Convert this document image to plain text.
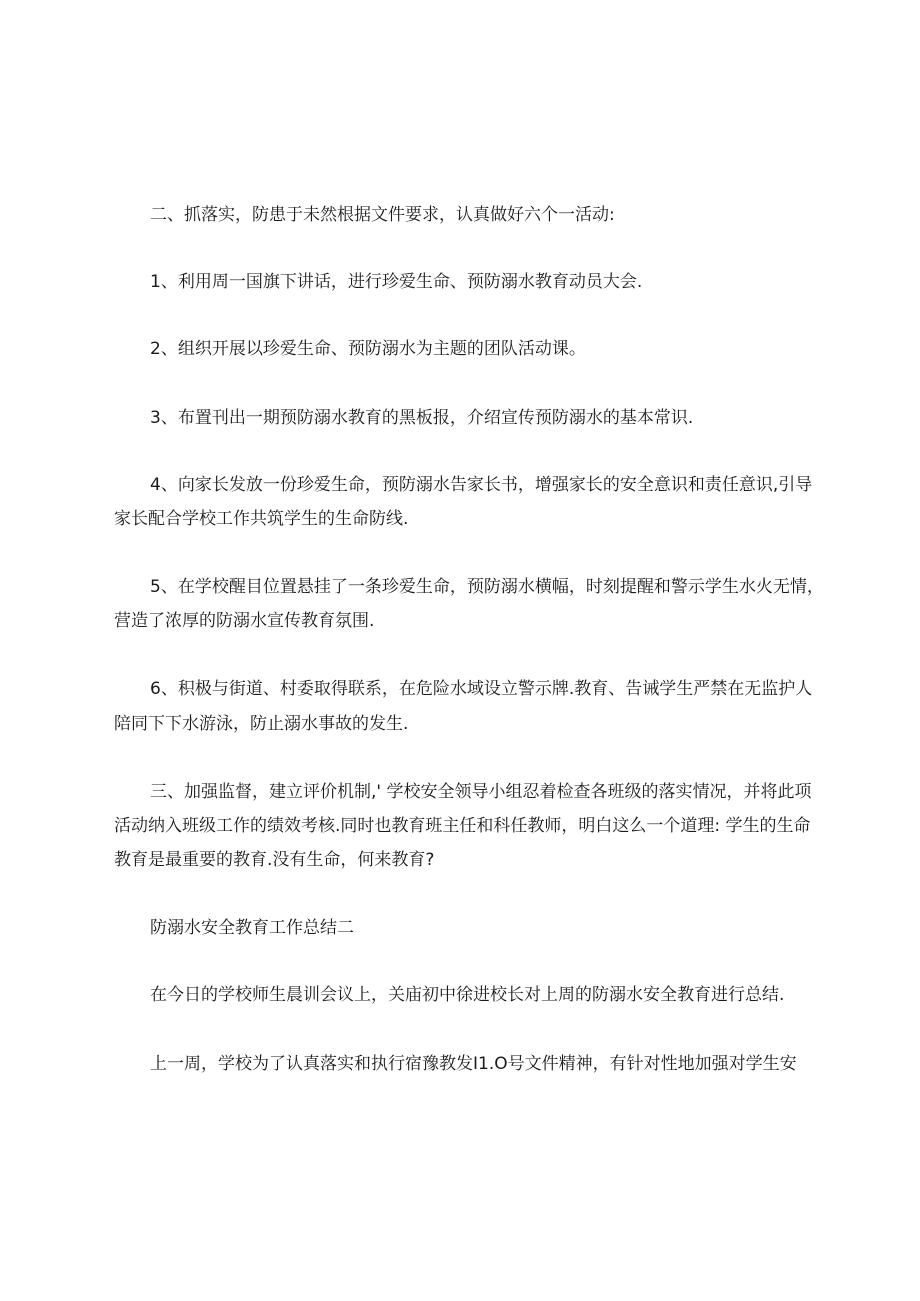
二、抓落实，防患于未然根据文件要求，认真做好六个一活动:
1、利用周一国旗下讲话，进行珍爱生命、预防溺水教育动员大会.
2、组织开展以珍爱生命、预防溺水为主题的团队活动课。
3、布置刊出一期预防溺水教育的黑板报，介绍宣传预防溺水的基本常识.
4、向家长发放一份珍爱生命，预防溺水告家长书，增强家长的安全意识和责任意识,引导
家长配合学校工作共筑学生的生命防线.
5、在学校醒目位置悬挂了一条珍爱生命，预防溺水横幅，时刻提醒和警示学生水火无情，
营造了浓厚的防溺水宣传教育氛围.
6、积极与街道、村委取得联系，在危险水域设立警示牌.教育、告诫学生严禁在无监护人
陪同下下水游泳，防止溺水事故的发生.
三、加强监督，建立评价机制,' 学校安全领导小组忍着检查各班级的落实情况，并将此项
活动纳入班级工作的绩效考核.同时也教育班主任和科任教师，明白这么一个道理: 学生的生命
教育是最重要的教育.没有生命，何来教育?
防溺水安全教育工作总结二
在今日的学校师生晨训会议上，关庙初中徐进校长对上周的防溺水安全教育进行总结.
上一周，学校为了认真落实和执行宿豫教发I1.O号文件精神，有针对性地加强对学生安
